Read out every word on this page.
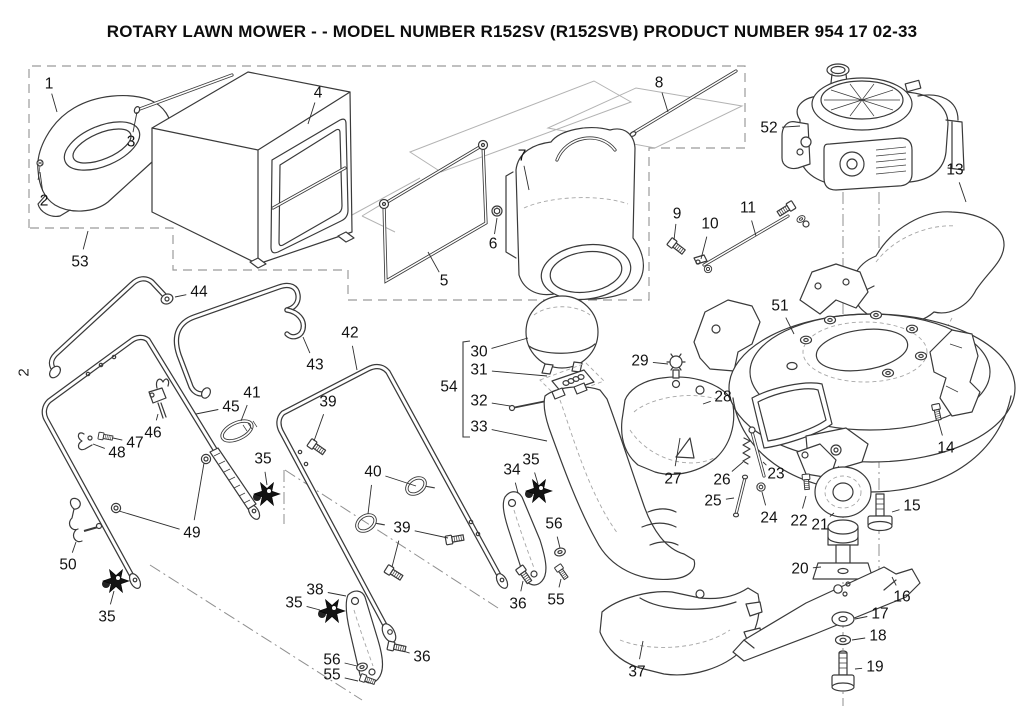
ROTARY LAWN MOWER - - MODEL NUMBER R152SV (R152SVB) PRODUCT NUMBER 954 17 02-33
2
1
2
3
4
5
6
7
8
9
10
11
13
14
15
16
17
18
19
20
21
22
23
24
25
26
27
28
29
30
31
32
33
34
35	35
35
35	36
36
37
38
39
39
40
41
42
43
44
45
46
47
48
49
50
51
52
53
54
55
55
56
56
